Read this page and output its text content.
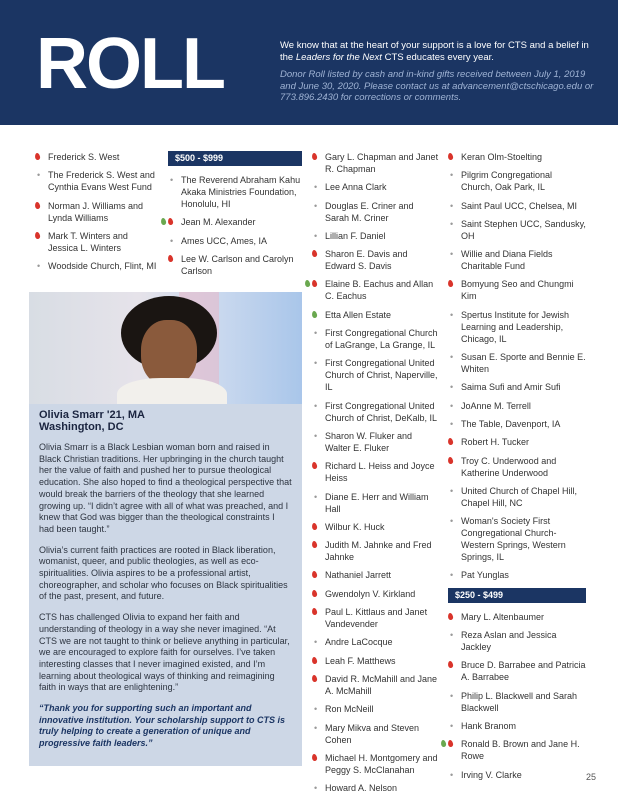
ROLL	We know that at the heart of your support is a love for CTS and a belief in the Leaders for the Next CTS educates every year.
Donor Roll listed by cash and in-kind gifts received between July 1, 2019 and June 30, 2020. Please contact us at advancement@ctschicago.edu or 773.896.2430 for corrections or comments.
Frederick S. West
• The Frederick S. West and Cynthia Evans West Fund
Norman J. Williams and Lynda Williams
Mark T. Winters and Jessica L. Winters
• Woodside Church, Flint, MI
$500 - $999
• The Reverend Abraham Kahu Akaka Ministries Foundation, Honolulu, HI
Jean M. Alexander
• Ames UCC, Ames, IA
Lee W. Carlson and Carolyn Carlson
Gary L. Chapman and Janet R. Chapman
• Lee Anna Clark
• Douglas E. Criner and Sarah M. Criner
• Lillian F. Daniel
Sharon E. Davis and Edward S. Davis
Elaine B. Eachus and Allan C. Eachus
Etta Allen Estate
• First Congregational Church of LaGrange, La Grange, IL
• First Congregational United Church of Christ, Naperville, IL
• First Congregational United Church of Christ, DeKalb, IL
• Sharon W. Fluker and Walter E. Fluker
Richard L. Heiss and Joyce Heiss
• Diane E. Herr and William Hall
Wilbur K. Huck
Judith M. Jahnke and Fred Jahnke
Nathaniel Jarrett
Gwendolyn V. Kirkland
Paul L. Kittlaus and Janet Vandevender
• Andre LaCocque
Leah F. Matthews
David R. McMahill and Jane A. McMahill
• Ron McNeill
• Mary Mikva and Steven Cohen
Michael H. Montgomery and Peggy S. McClanahan
• Howard A. Nelson
Keran Olm-Stoelting
• Pilgrim Congregational Church, Oak Park, IL
• Saint Paul UCC, Chelsea, MI
• Saint Stephen UCC, Sandusky, OH
• Willie and Diana Fields Charitable Fund
Bomyung Seo and Chungmi Kim
• Spertus Institute for Jewish Learning and Leadership, Chicago, IL
• Susan E. Sporte and Bennie E. Whiten
• Saima Sufi and Amir Sufi
• JoAnne M. Terrell
• The Table, Davenport, IA
Robert H. Tucker
Troy C. Underwood and Katherine Underwood
• United Church of Chapel Hill, Chapel Hill, NC
• Woman's Society First Congregational Church-Western Springs, Western Springs, IL
• Pat Yunglas
$250 - $499
Mary L. Altenbaumer
• Reza Aslan and Jessica Jackley
Bruce D. Barrabee and Patricia A. Barrabee
• Philip L. Blackwell and Sarah Blackwell
• Hank Branom
Ronald B. Brown and Jane H. Rowe
• Irving V. Clarke
Olivia Smarr '21, MA
Washington, DC
Olivia Smarr is a Black Lesbian woman born and raised in Black Christian traditions. Her upbringing in the church taught her the value of faith and pushed her to pursue theological education. She also hoped to find a theological perspective that would break the barriers of the theology that she learned growing up. “I didn’t agree with all of what was preached, and I knew that God was bigger than the theological constraints I had been taught.”
Olivia’s current faith practices are rooted in Black liberation, womanist, queer, and public theologies, as well as eco-spiritualities. Olivia aspires to be a professional artist, choreographer, and scholar who focuses on Black spiritualities of the past, present, and future.
CTS has challenged Olivia to expand her faith and understanding of theology in a way she never imagined. “At CTS we are not taught to think or believe anything in particular, we are encouraged to explore faith for ourselves. I’ve taken interesting classes that I never imagined existed, and I’m learning about theological ways of thinking and reimagining faith in ways that are enlightening.”
“Thank you for supporting such an important and innovative institution. Your scholarship support to CTS is truly helping to create a generation of unique and progressive faith leaders.”
25
